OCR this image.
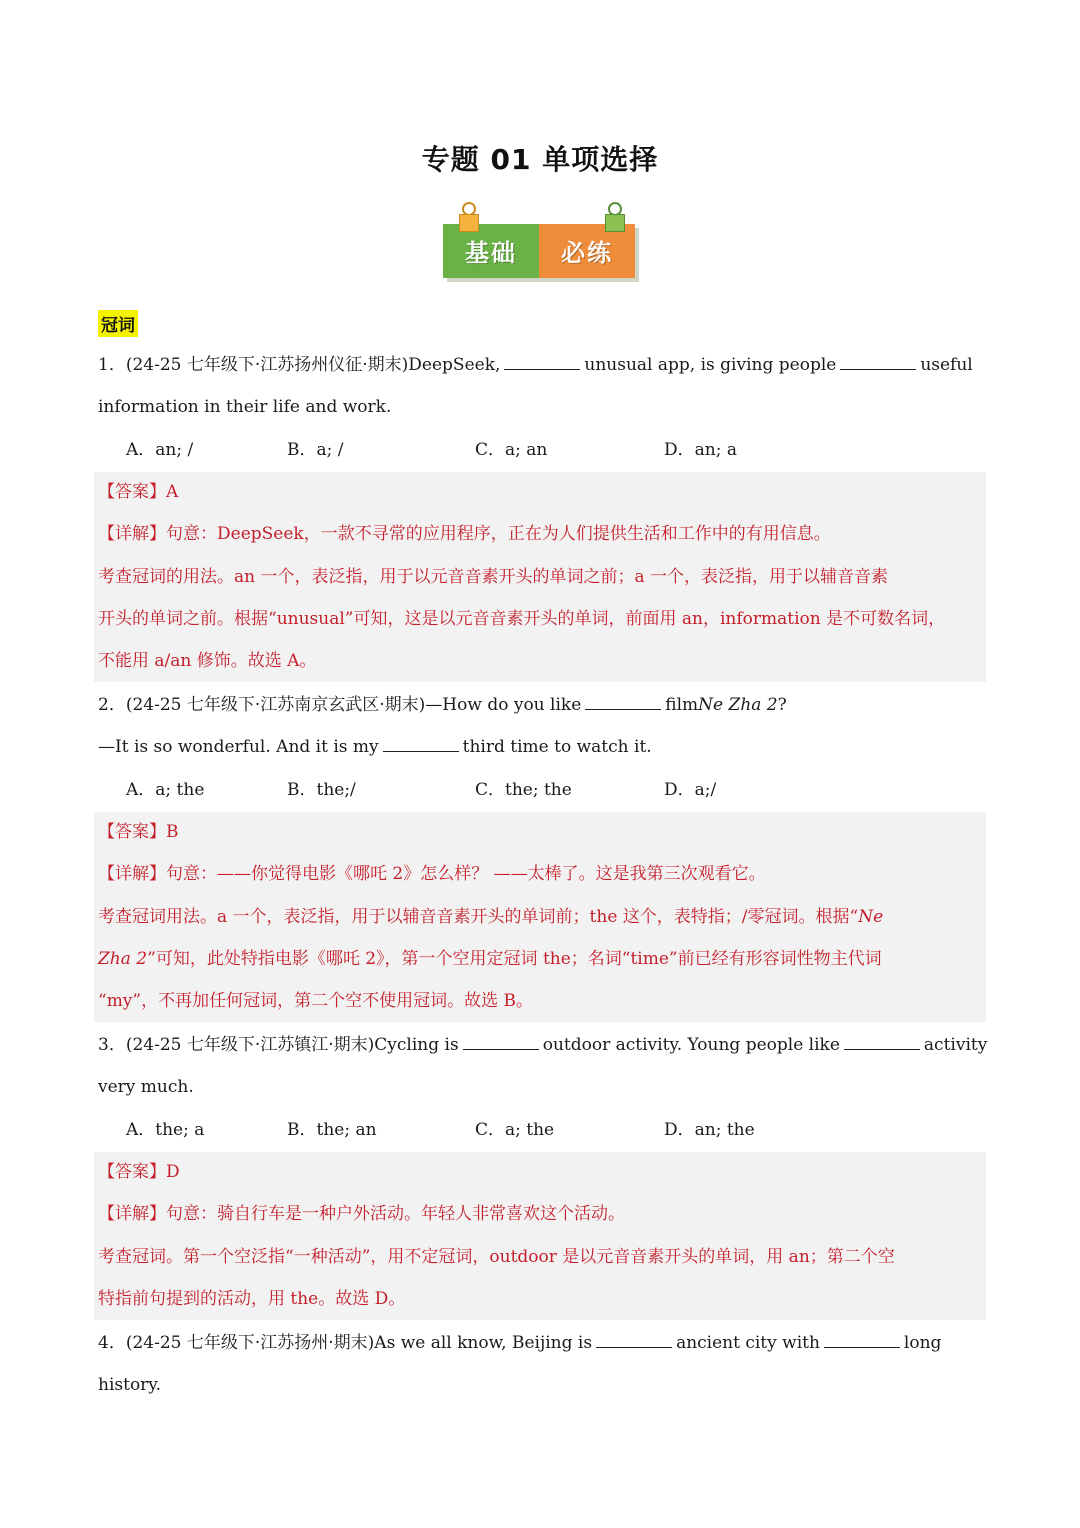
专题 01 单项选择
基础	必练
冠词
1．(24-25 七年级下·江苏扬州仪征·期末)DeepSeek,	unusual app, is giving people	useful
information in their life and work.
A．an; /	B．a; /	C．a; an	D．an; a
【答案】A
【详解】句意：DeepSeek，一款不寻常的应用程序，正在为人们提供生活和工作中的有用信息。
考查冠词的用法。an 一个，表泛指，用于以元音音素开头的单词之前；a 一个，表泛指，用于以辅音音素
开头的单词之前。根据“unusual”可知，这是以元音音素开头的单词，前面用 an，information 是不可数名词，
不能用 a/an 修饰。故选 A。
2．(24-25 七年级下·江苏南京玄武区·期末)—How do you like	filmNe Zha 2?
—It is so wonderful. And it is my	third time to watch it.
A．a; the	B．the;/	C．the; the	D．a;/
【答案】B
【详解】句意：——你觉得电影《哪吒 2》怎么样？ ——太棒了。这是我第三次观看它。
考查冠词用法。a 一个，表泛指，用于以辅音音素开头的单词前；the 这个，表特指；/零冠词。根据“Ne
Zha 2”可知，此处特指电影《哪吒 2》，第一个空用定冠词 the；名词“time”前已经有形容词性物主代词
“my”，不再加任何冠词，第二个空不使用冠词。故选 B。
3．(24-25 七年级下·江苏镇江·期末)Cycling is	outdoor activity. Young people like	activity
very much.
A．the; a	B．the; an	C．a; the	D．an; the
【答案】D
【详解】句意：骑自行车是一种户外活动。年轻人非常喜欢这个活动。
考查冠词。第一个空泛指“一种活动”，用不定冠词，outdoor 是以元音音素开头的单词，用 an；第二个空
特指前句提到的活动，用 the。故选 D。
4．(24-25 七年级下·江苏扬州·期末)As we all know, Beijing is	ancient city with	long
history.
